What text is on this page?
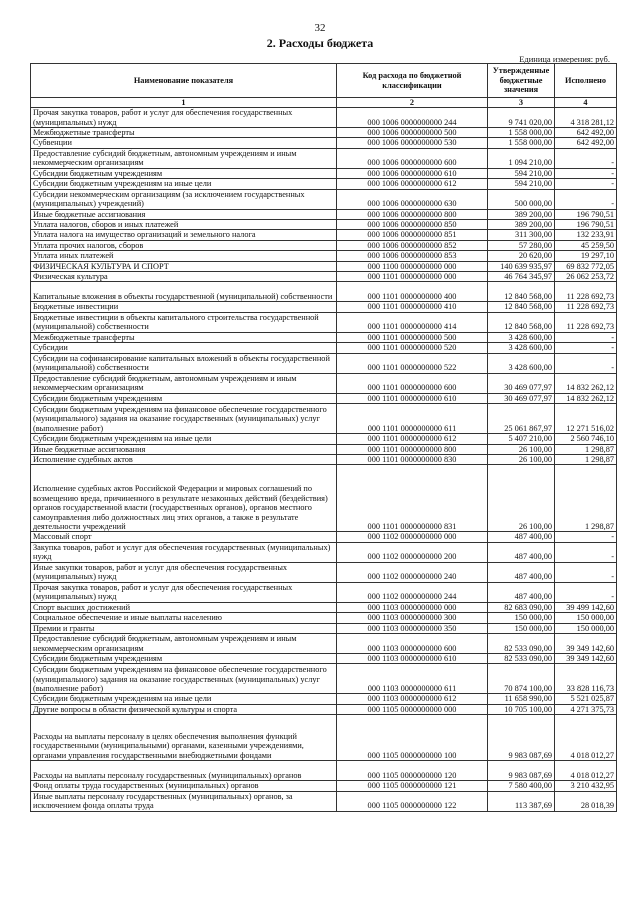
32
2. Расходы бюджета
Единица измерения: руб.
Наименование показателя	Код расхода по бюджетной классификации	Утвержденные бюджетные значения	Исполнено
1	2	3	4
Прочая закупка товаров, работ и услуг для обеспечения государственных (муниципальных) нужд	000 1006 0000000000 244	9 741 020,00	4 318 281,12
Межбюджетные трансферты	000 1006 0000000000 500	1 558 000,00	642 492,00
Субвенции	000 1006 0000000000 530	1 558 000,00	642 492,00
Предоставление субсидий бюджетным, автономным учреждениям и иным некоммерческим организациям	000 1006 0000000000 600	1 094 210,00	-
Субсидии бюджетным учреждениям	000 1006 0000000000 610	594 210,00	-
Субсидии бюджетным учреждениям на иные цели	000 1006 0000000000 612	594 210,00	-
Субсидии некоммерческим организациям (за исключением государственных (муниципальных) учреждений)	000 1006 0000000000 630	500 000,00	-
Иные бюджетные ассигнования	000 1006 0000000000 800	389 200,00	196 790,51
Уплата налогов, сборов и иных платежей	000 1006 0000000000 850	389 200,00	196 790,51
Уплата налога на имущество организаций и земельного налога	000 1006 0000000000 851	311 300,00	132 233,91
Уплата прочих налогов, сборов	000 1006 0000000000 852	57 280,00	45 259,50
Уплата иных платежей	000 1006 0000000000 853	20 620,00	19 297,10
ФИЗИЧЕСКАЯ КУЛЬТУРА И СПОРТ	000 1100 0000000000 000	140 639 935,97	69 832 772,05
Физическая культура	000 1101 0000000000 000	46 764 345,97	26 062 253,72
Капитальные вложения в объекты государственной (муниципальной) собственности	000 1101 0000000000 400	12 840 568,00	11 228 692,73
Бюджетные инвестиции	000 1101 0000000000 410	12 840 568,00	11 228 692,73
Бюджетные инвестиции в объекты капитального строительства государственной (муниципальной) собственности	000 1101 0000000000 414	12 840 568,00	11 228 692,73
Межбюджетные трансферты	000 1101 0000000000 500	3 428 600,00	-
Субсидии	000 1101 0000000000 520	3 428 600,00	-
Субсидии на софинансирование капитальных вложений в объекты государственной (муниципальной) собственности	000 1101 0000000000 522	3 428 600,00	-
Предоставление субсидий бюджетным, автономным учреждениям и иным некоммерческим организациям	000 1101 0000000000 600	30 469 077,97	14 832 262,12
Субсидии бюджетным учреждениям	000 1101 0000000000 610	30 469 077,97	14 832 262,12
Субсидии бюджетным учреждениям на финансовое обеспечение государственного (муниципального) задания на оказание государственных (муниципальных) услуг (выполнение работ)	000 1101 0000000000 611	25 061 867,97	12 271 516,02
Субсидии бюджетным учреждениям на иные цели	000 1101 0000000000 612	5 407 210,00	2 560 746,10
Иные бюджетные ассигнования	000 1101 0000000000 800	26 100,00	1 298,87
Исполнение судебных актов	000 1101 0000000000 830	26 100,00	1 298,87
Исполнение судебных актов Российской Федерации и мировых соглашений по возмещению вреда, причиненного в результате незаконных действий (бездействия) органов государственной власти (государственных органов), органов местного самоуправления либо должностных лиц этих органов, а также в результате деятельности учреждений	000 1101 0000000000 831	26 100,00	1 298,87
Массовый спорт	000 1102 0000000000 000	487 400,00	-
Закупка товаров, работ и услуг для обеспечения государственных (муниципальных) нужд	000 1102 0000000000 200	487 400,00	-
Иные закупки товаров, работ и услуг для обеспечения государственных (муниципальных) нужд	000 1102 0000000000 240	487 400,00	-
Прочая закупка товаров, работ и услуг для обеспечения государственных (муниципальных) нужд	000 1102 0000000000 244	487 400,00	-
Спорт высших достижений	000 1103 0000000000 000	82 683 090,00	39 499 142,60
Социальное обеспечение и иные выплаты населению	000 1103 0000000000 300	150 000,00	150 000,00
Премии и гранты	000 1103 0000000000 350	150 000,00	150 000,00
Предоставление субсидий бюджетным, автономным учреждениям и иным некоммерческим организациям	000 1103 0000000000 600	82 533 090,00	39 349 142,60
Субсидии бюджетным учреждениям	000 1103 0000000000 610	82 533 090,00	39 349 142,60
Субсидии бюджетным учреждениям на финансовое обеспечение государственного (муниципального) задания на оказание государственных (муниципальных) услуг (выполнение работ)	000 1103 0000000000 611	70 874 100,00	33 828 116,73
Субсидии бюджетным учреждениям на иные цели	000 1103 0000000000 612	11 658 990,00	5 521 025,87
Другие вопросы в области физической культуры и спорта	000 1105 0000000000 000	10 705 100,00	4 271 375,73
Расходы на выплаты персоналу в целях обеспечения выполнения функций государственными (муниципальными) органами, казенными учреждениями, органами управления государственными внебюджетными фондами	000 1105 0000000000 100	9 983 087,69	4 018 012,27
Расходы на выплаты персоналу государственных (муниципальных) органов	000 1105 0000000000 120	9 983 087,69	4 018 012,27
Фонд оплаты труда государственных (муниципальных) органов	000 1105 0000000000 121	7 580 400,00	3 210 432,95
Иные выплаты персоналу государственных (муниципальных) органов, за исключением фонда оплаты труда	000 1105 0000000000 122	113 387,69	28 018,39
